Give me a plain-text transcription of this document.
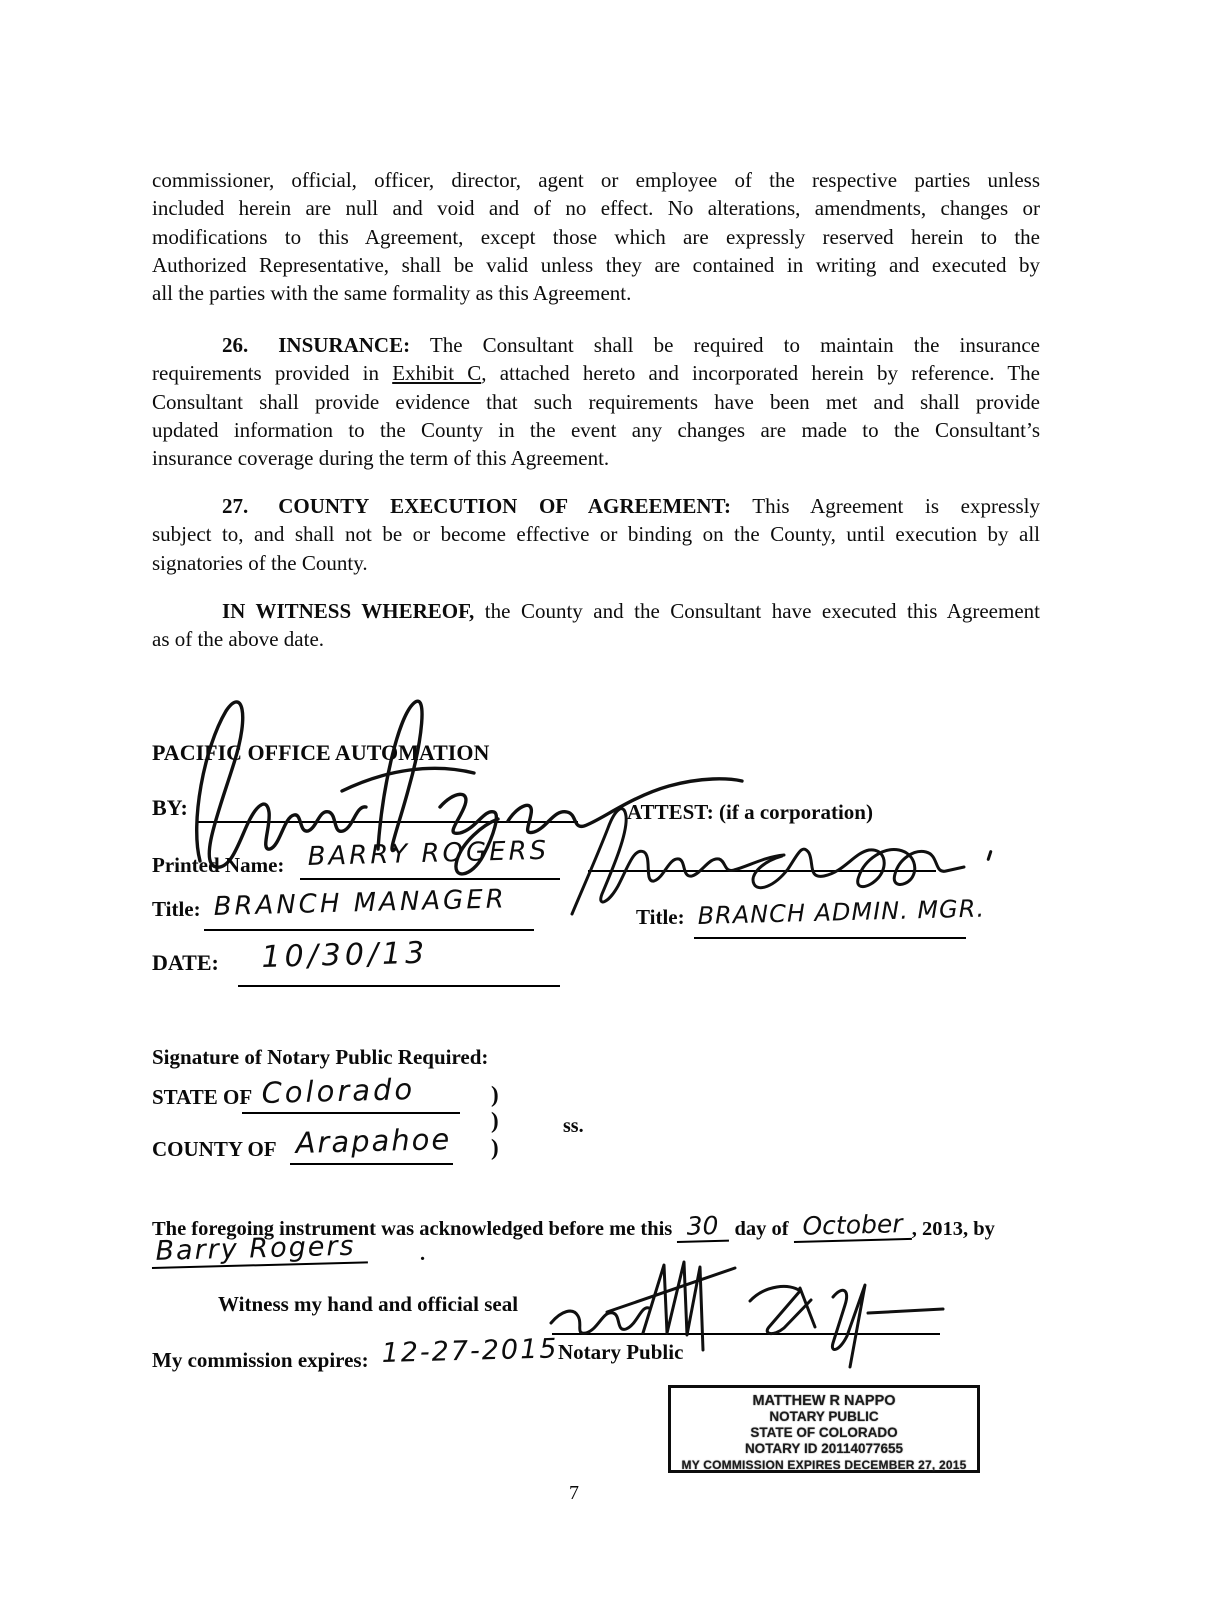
commissioner, official, officer, director, agent or employee of the respective parties unless
included herein are null and void and of no effect. No alterations, amendments, changes or
modifications to this Agreement, except those which are expressly reserved herein to the
Authorized Representative, shall be valid unless they are contained in writing and executed by
all the parties with the same formality as this Agreement.
26. INSURANCE: The Consultant shall be required to maintain the insurance
requirements provided in Exhibit C, attached hereto and incorporated herein by reference. The
Consultant shall provide evidence that such requirements have been met and shall provide
updated information to the County in the event any changes are made to the Consultant’s
insurance coverage during the term of this Agreement.
27. COUNTY EXECUTION OF AGREEMENT: This Agreement is expressly
subject to, and shall not be or become effective or binding on the County, until execution by all
signatories of the County.
IN WITNESS WHEREOF, the County and the Consultant have executed this Agreement
as of the above date.
PACIFIC OFFICE AUTOMATION
BY:	ATTEST: (if a corporation)
Printed Name: BARRY ROGERS
Title: BRANCH MANAGER	Title: BRANCH ADMIN. MGR.
DATE: 10/30/13
Signature of Notary Public Required:
STATE OF Colorado	)
)	ss.
COUNTY OF Arapahoe )
The foregoing instrument was acknowledged before me this 30 day of October , 2013, by
Barry Rogers	.
Witness my hand and official seal
Notary Public
My commission expires: 12-27-2015
MATTHEW R NAPPO
NOTARY PUBLIC
STATE OF COLORADO
NOTARY ID 20114077655
MY COMMISSION EXPIRES DECEMBER 27, 2015
7
